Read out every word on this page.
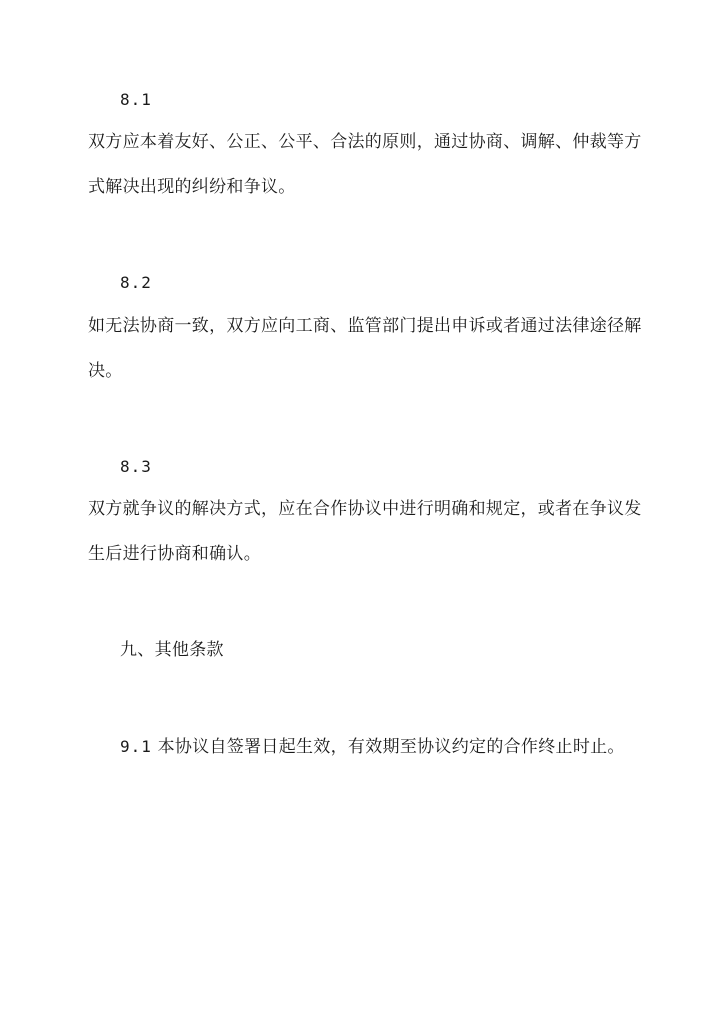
8.1
双方应本着友好、公正、公平、合法的原则，通过协商、调解、仲裁等方
式解决出现的纠纷和争议。
8.2
如无法协商一致，双方应向工商、监管部门提出申诉或者通过法律途径解
决。
8.3
双方就争议的解决方式，应在合作协议中进行明确和规定，或者在争议发
生后进行协商和确认。
九、其他条款
9.1 本协议自签署日起生效，有效期至协议约定的合作终止时止。
